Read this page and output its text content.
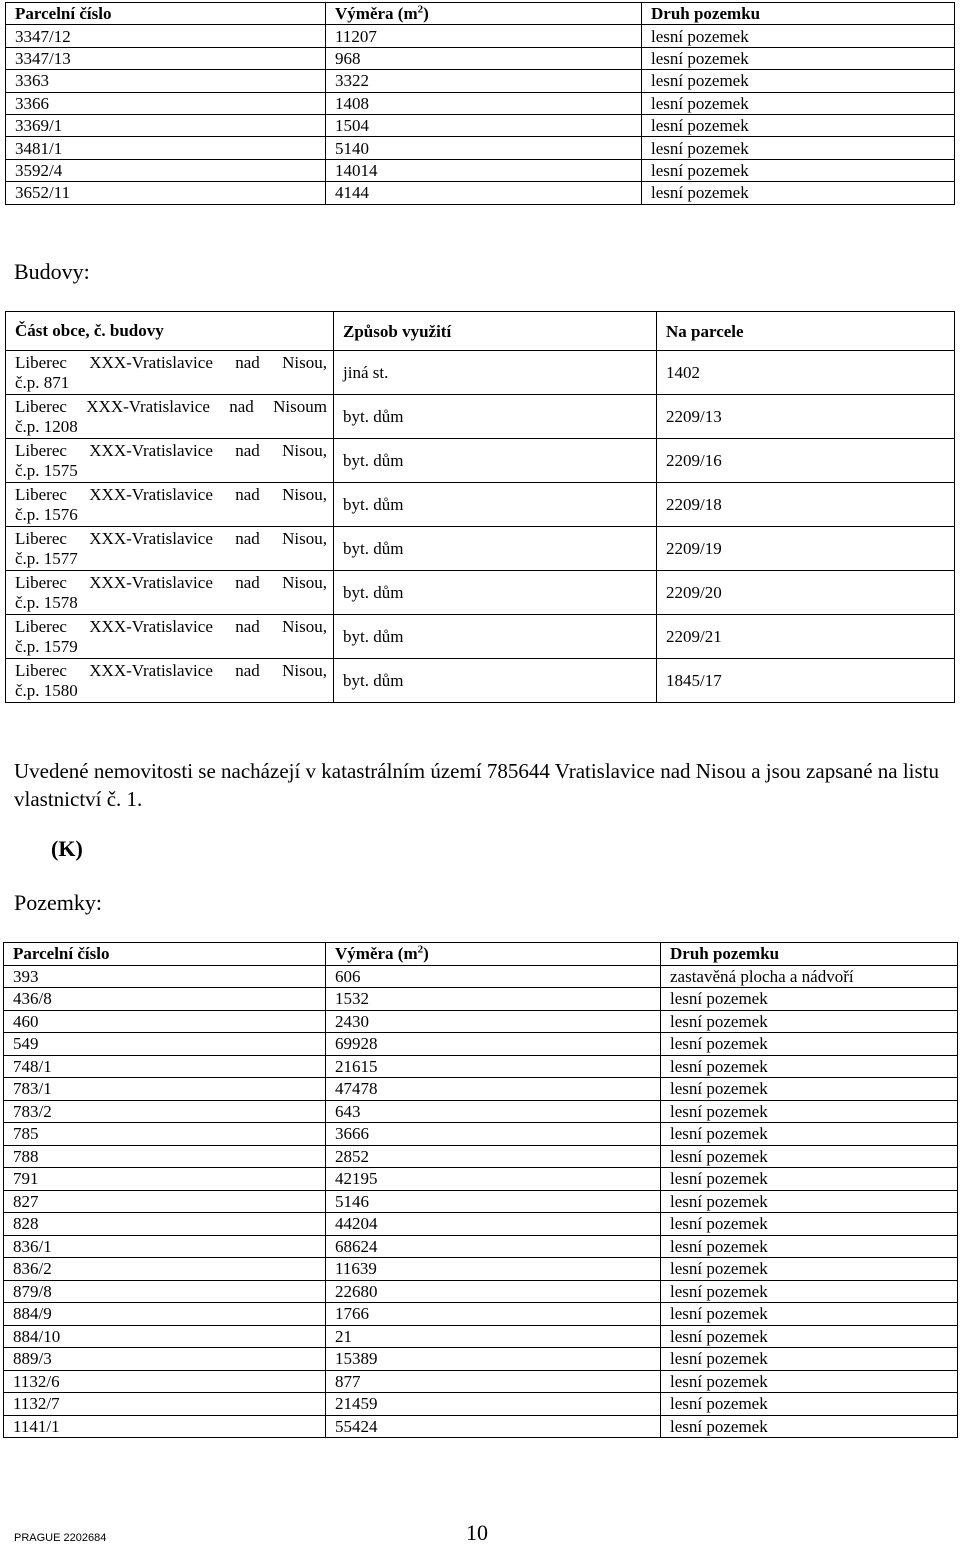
Parcelní číslo	Výměra $(m^2)$	Druh pozemku
3347/12	11207	lesní pozemek
3347/13	968	lesní pozemek
3363	3322	lesní pozemek
3366	1408	lesní pozemek
3369/1	1504	lesní pozemek
3481/1	5140	lesní pozemek
3592/4	14014	lesní pozemek
3652/11	4144	lesní pozemek
Budovy:
Část obce, č. budovy	Způsob využití	Na parcele

Liberec XXX-Vratislavice nad Nisou,
č.p. 871	jiná st.	1402

Liberec XXX-Vratislavice nad Nisoum
č.p. 1208	byt. dům	2209/13

Liberec XXX-Vratislavice nad Nisou,
č.p. 1575	byt. dům	2209/16

Liberec XXX-Vratislavice nad Nisou,
č.p. 1576	byt. dům	2209/18

Liberec XXX-Vratislavice nad Nisou,
č.p. 1577	byt. dům	2209/19

Liberec XXX-Vratislavice nad Nisou,
č.p. 1578	byt. dům	2209/20

Liberec XXX-Vratislavice nad Nisou,
č.p. 1579	byt. dům	2209/21

Liberec XXX-Vratislavice nad Nisou,
č.p. 1580	byt. dům	1845/17
Uvedené nemovitosti se nacházejí v katastrálním území 785644 Vratislavice nad Nisou a jsou zapsané na listu vlastnictví č. 1.
(K)
Pozemky:
Parcelní číslo	Výměra $(m^2)$	Druh pozemku
393	606	zastavěná plocha a nádvoří
436/8	1532	lesní pozemek
460	2430	lesní pozemek
549	69928	lesní pozemek
748/1	21615	lesní pozemek
783/1	47478	lesní pozemek
783/2	643	lesní pozemek
785	3666	lesní pozemek
788	2852	lesní pozemek
791	42195	lesní pozemek
827	5146	lesní pozemek
828	44204	lesní pozemek
836/1	68624	lesní pozemek
836/2	11639	lesní pozemek
879/8	22680	lesní pozemek
884/9	1766	lesní pozemek
884/10	21	lesní pozemek
889/3	15389	lesní pozemek
1132/6	877	lesní pozemek
1132/7	21459	lesní pozemek
1141/1	55424	lesní pozemek
PRAGUE 2202684	10
